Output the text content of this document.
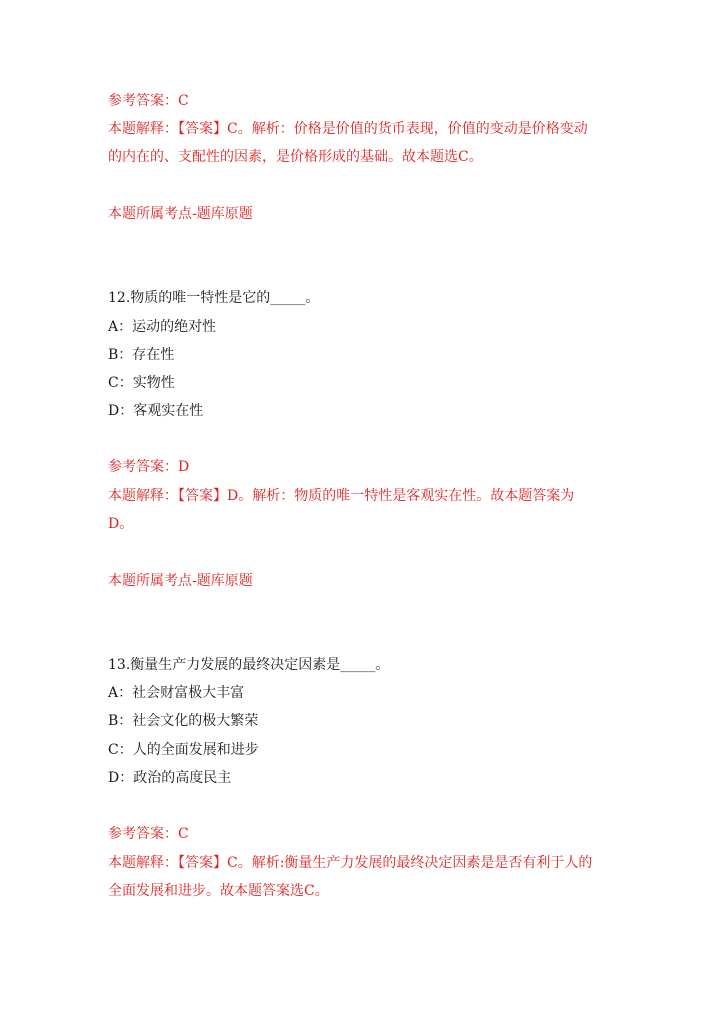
参考答案：C
本题解释：【答案】C。解析：价格是价值的货币表现，价值的变动是价格变动
的内在的、支配性的因素，是价格形成的基础。故本题选C。
本题所属考点-题库原题
12.物质的唯一特性是它的_____。
A：运动的绝对性
B：存在性
C：实物性
D：客观实在性
参考答案：D
本题解释：【答案】D。解析：物质的唯一特性是客观实在性。故本题答案为
D。
本题所属考点-题库原题
13.衡量生产力发展的最终决定因素是_____。
A：社会财富极大丰富
B：社会文化的极大繁荣
C：人的全面发展和进步
D：政治的高度民主
参考答案：C
本题解释：【答案】C。解析:衡量生产力发展的最终决定因素是是否有利于人的
全面发展和进步。故本题答案选C。
